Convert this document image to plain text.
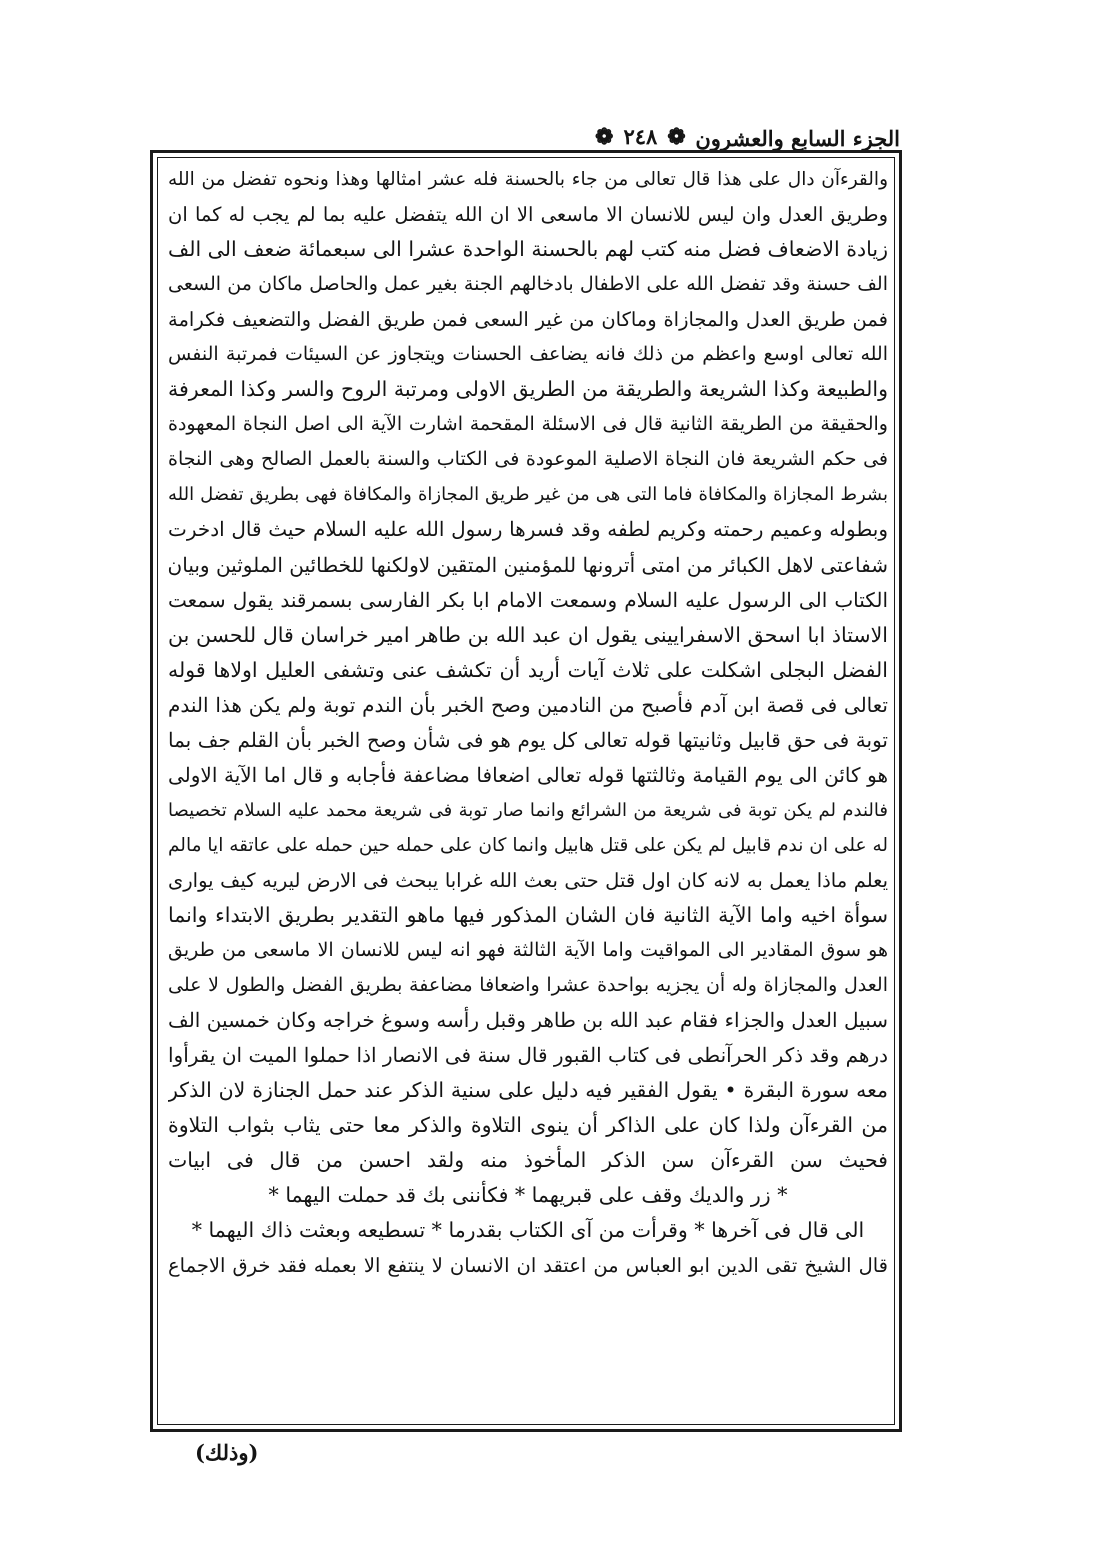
الجزء السابع والعشرون
❁ ٢٤٨ ❁
والقرءآن دال على هذا قال تعالى من جاء بالحسنة فله عشر امثالها وهذا ونحوه تفضل من الله
وطريق العدل وان ليس للانسان الا ماسعى الا ان الله يتفضل عليه بما لم يجب له كما ان
زيادة الاضعاف فضل منه كتب لهم بالحسنة الواحدة عشرا الى سبعمائة ضعف الى الف
الف حسنة وقد تفضل الله على الاطفال بادخالهم الجنة بغير عمل والحاصل ماكان من السعى
فمن طريق العدل والمجازاة وماكان من غير السعى فمن طريق الفضل والتضعيف فكرامة
الله تعالى اوسع واعظم من ذلك فانه يضاعف الحسنات ويتجاوز عن السيئات فمرتبة النفس
والطبيعة وكذا الشريعة والطريقة من الطريق الاولى ومرتبة الروح والسر وكذا المعرفة
والحقيقة من الطريقة الثانية قال فى الاسئلة المقحمة اشارت الآية الى اصل النجاة المعهودة
فى حكم الشريعة فان النجاة الاصلية الموعودة فى الكتاب والسنة بالعمل الصالح وهى النجاة
بشرط المجازاة والمكافاة فاما التى هى من غير طريق المجازاة والمكافاة فهى بطريق تفضل الله
وبطوله وعميم رحمته وكريم لطفه وقد فسرها رسول الله عليه السلام حيث قال ادخرت
شفاعتى لاهل الكبائر من امتى أترونها للمؤمنين المتقين لاولكنها للخطائين الملوثين وبيان
الكتاب الى الرسول عليه السلام وسمعت الامام ابا بكر الفارسى بسمرقند يقول سمعت
الاستاذ ابا اسحق الاسفرايينى يقول ان عبد الله بن طاهر امير خراسان قال للحسن بن
الفضل البجلى اشكلت على ثلاث آيات أريد أن تكشف عنى وتشفى العليل اولاها قوله
تعالى فى قصة ابن آدم فأصبح من النادمين وصح الخبر بأن الندم توبة ولم يكن هذا الندم
توبة فى حق قابيل وثانيتها قوله تعالى كل يوم هو فى شأن وصح الخبر بأن القلم جف بما
هو كائن الى يوم القيامة وثالثتها قوله تعالى اضعافا مضاعفة فأجابه و قال اما الآية الاولى
فالندم لم يكن توبة فى شريعة من الشرائع وانما صار توبة فى شريعة محمد عليه السلام تخصيصا
له على ان ندم قابيل لم يكن على قتل هابيل وانما كان على حمله حين حمله على عاتقه ايا مالم
يعلم ماذا يعمل به لانه كان اول قتل حتى بعث الله غرابا يبحث فى الارض ليريه كيف يوارى
سوأة اخيه واما الآية الثانية فان الشان المذكور فيها ماهو التقدير بطريق الابتداء وانما
هو سوق المقادير الى المواقيت واما الآية الثالثة فهو انه ليس للانسان الا ماسعى من طريق
العدل والمجازاة وله أن يجزيه بواحدة عشرا واضعافا مضاعفة بطريق الفضل والطول لا على
سبيل العدل والجزاء فقام عبد الله بن طاهر وقبل رأسه وسوغ خراجه وكان خمسين الف
درهم وقد ذكر الحرآنطى فى كتاب القبور قال سنة فى الانصار اذا حملوا الميت ان يقرأوا
معه سورة البقرة • يقول الفقير فيه دليل على سنية الذكر عند حمل الجنازة لان الذكر
من القرءآن ولذا كان على الذاكر أن ينوى التلاوة والذكر معا حتى يثاب بثواب التلاوة
فحيث سن القرءآن سن الذكر المأخوذ منه ولقد احسن من قال فى ابيات
* زر والديك وقف على قبريهما * فكأننى بك قد حملت اليهما *
الى قال فى آخرها * وقرأت من آى الكتاب بقدرما * تسطيعه وبعثت ذاك اليهما *
قال الشيخ تقى الدين ابو العباس من اعتقد ان الانسان لا ينتفع الا بعمله فقد خرق الاجماع
(وذلك)
